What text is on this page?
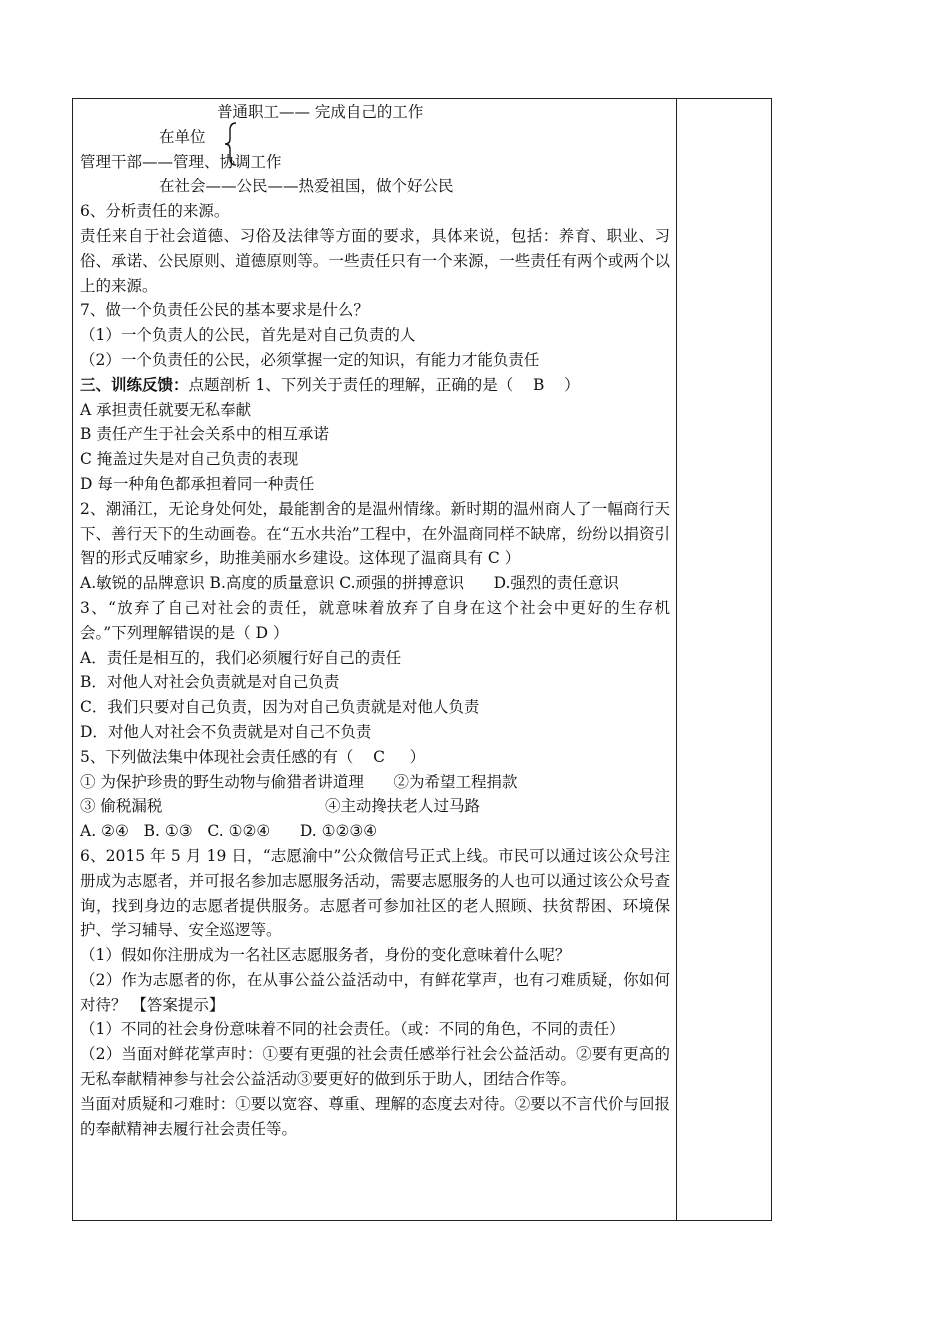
普通职工—— 完成自己的工作
在单位
管理干部——管理、协调工作
在社会——公民——热爱祖国，做个好公民
6、分析责任的来源。
责任来自于社会道德、习俗及法律等方面的要求，具体来说，包括：养育、职业、习俗、承诺、公民原则、道德原则等。一些责任只有一个来源，一些责任有两个或两个以上的来源。
7、做一个负责任公民的基本要求是什么？
（1）一个负责人的公民，首先是对自己负责的人
（2）一个负责任的公民，必须掌握一定的知识，有能力才能负责任
三、训练反馈：点题剖析 1、下列关于责任的理解，正确的是（    B    ）
A 承担责任就要无私奉献
B 责任产生于社会关系中的相互承诺
C 掩盖过失是对自己负责的表现
D 每一种角色都承担着同一种责任
2、潮涌江，无论身处何处，最能割舍的是温州情缘。新时期的温州商人了一幅商行天下、善行天下的生动画卷。在“五水共治”工程中，在外温商同样不缺席，纷纷以捐资引智的形式反哺家乡，助推美丽水乡建设。这体现了温商具有 C ）
A.敏锐的品牌意识 B.高度的质量意识 C.顽强的拼搏意识      D.强烈的责任意识
3、“放弃了自己对社会的责任，就意味着放弃了自身在这个社会中更好的生存机会。”下列理解错误的是（ D ）
A．责任是相互的，我们必须履行好自己的责任
B．对他人对社会负责就是对自己负责
C．我们只要对自己负责，因为对自己负责就是对他人负责
D．对他人对社会不负责就是对自己不负责
5、下列做法集中体现社会责任感的有（    C     ）
① 为保护珍贵的野生动物与偷猎者讲道理      ②为希望工程捐款
③ 偷税漏税                                 ④主动搀扶老人过马路
A. ②④   B. ①③   C. ①②④      D. ①②③④
6、2015 年 5 月 19 日，“志愿渝中”公众微信号正式上线。市民可以通过该公众号注册成为志愿者，并可报名参加志愿服务活动，需要志愿服务的人也可以通过该公众号查询，找到身边的志愿者提供服务。志愿者可参加社区的老人照顾、扶贫帮困、环境保护、学习辅导、安全巡逻等。
（1）假如你注册成为一名社区志愿服务者，身份的变化意味着什么呢？
（2）作为志愿者的你，在从事公益公益活动中，有鲜花掌声，也有刁难质疑，你如何对待？ 【答案提示】
（1）不同的社会身份意味着不同的社会责任。（或：不同的角色，不同的责任）
（2）当面对鲜花掌声时：①要有更强的社会责任感举行社会公益活动。②要有更高的无私奉献精神参与社会公益活动③要更好的做到乐于助人，团结合作等。
当面对质疑和刁难时：①要以宽容、尊重、理解的态度去对待。②要以不言代价与回报的奉献精神去履行社会责任等。
